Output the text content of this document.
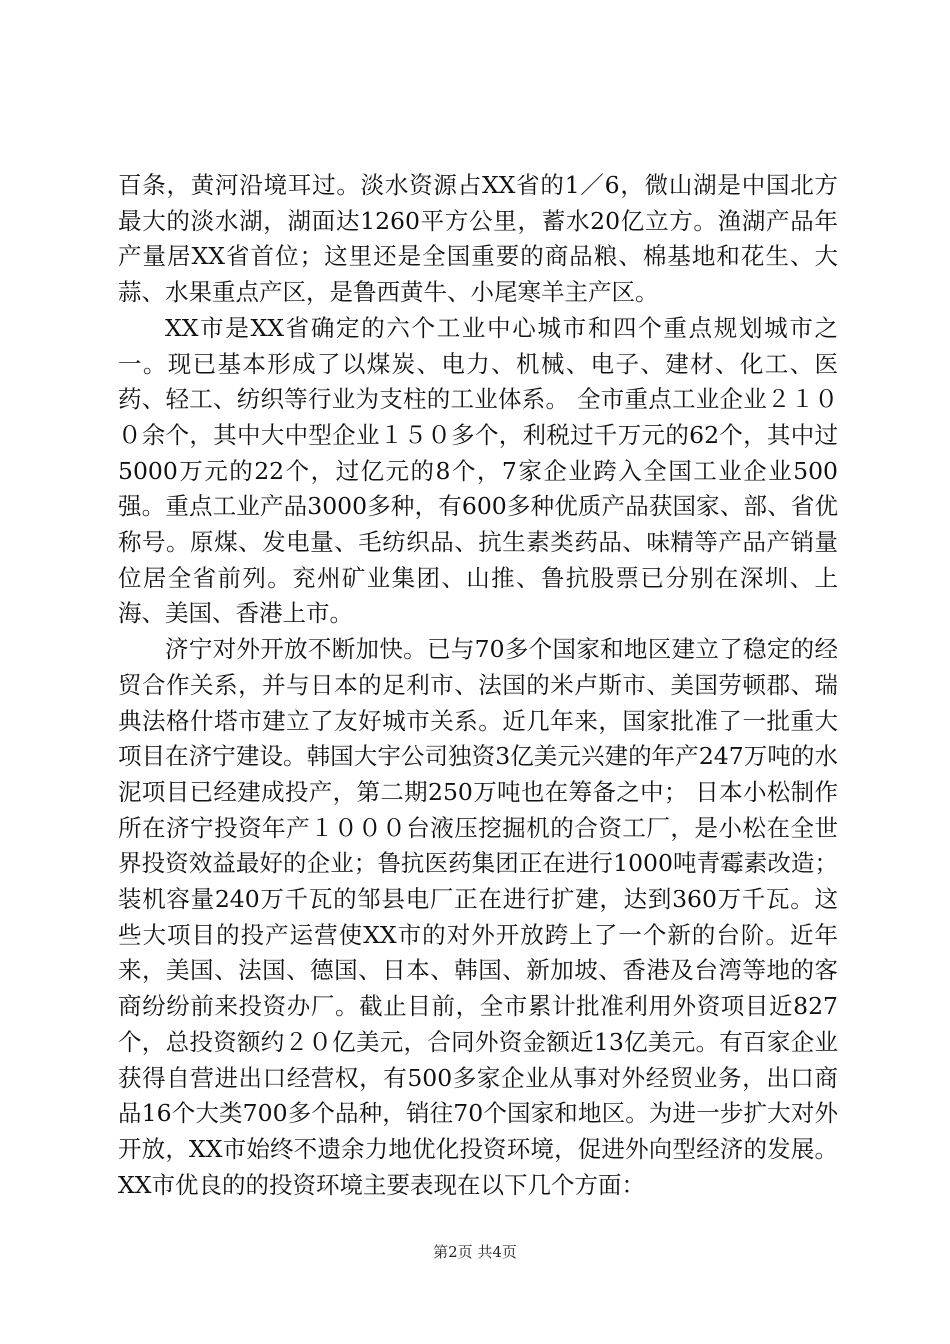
百条，黄河沿境耳过。淡水资源占XX省的1／6，微山湖是中国北方最大的淡水湖，湖面达1260平方公里，蓄水20亿立方。渔湖产品年产量居XX省首位；这里还是全国重要的商品粮、棉基地和花生、大蒜、水果重点产区，是鲁西黄牛、小尾寒羊主产区。

XX市是XX省确定的六个工业中心城市和四个重点规划城市之一。现已基本形成了以煤炭、电力、机械、电子、建材、化工、医药、轻工、纺织等行业为支柱的工业体系。 全市重点工业企业２１００余个，其中大中型企业１５０多个，利税过千万元的62个，其中过5000万元的22个，过亿元的8个，7家企业跨入全国工业企业500强。重点工业产品3000多种，有600多种优质产品获国家、部、省优称号。原煤、发电量、毛纺织品、抗生素类药品、味精等产品产销量位居全省前列。兖州矿业集团、山推、鲁抗股票已分别在深圳、上海、美国、香港上市。

济宁对外开放不断加快。已与70多个国家和地区建立了稳定的经贸合作关系，并与日本的足利市、法国的米卢斯市、美国劳顿郡、瑞典法格什塔市建立了友好城市关系。近几年来，国家批准了一批重大项目在济宁建设。韩国大宇公司独资3亿美元兴建的年产247万吨的水泥项目已经建成投产，第二期250万吨也在筹备之中； 日本小松制作所在济宁投资年产１０００台液压挖掘机的合资工厂，是小松在全世界投资效益最好的企业；鲁抗医药集团正在进行1000吨青霉素改造； 装机容量240万千瓦的邹县电厂正在进行扩建，达到360万千瓦。这些大项目的投产运营使XX市的对外开放跨上了一个新的台阶。近年来，美国、法国、德国、日本、韩国、新加坡、香港及台湾等地的客商纷纷前来投资办厂。截止目前，全市累计批准利用外资项目近827个，总投资额约２０亿美元，合同外资金额近13亿美元。有百家企业获得自营进出口经营权，有500多家企业从事对外经贸业务，出口商品16个大类700多个品种，销往70个国家和地区。为进一步扩大对外开放，XX市始终不遗余力地优化投资环境，促进外向型经济的发展。XX市优良的的投资环境主要表现在以下几个方面：

第2页 共4页
